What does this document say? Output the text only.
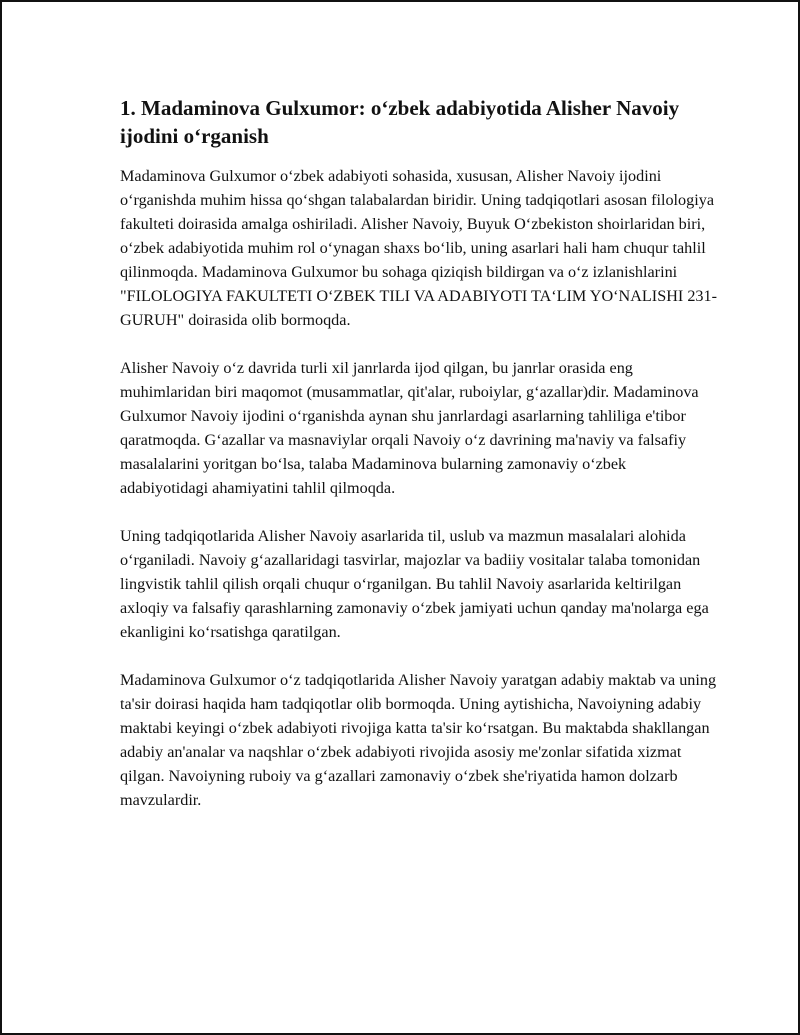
1. Madaminova Gulxumor: o‘zbek adabiyotida Alisher Navoiy ijodini o‘rganish

Madaminova Gulxumor o‘zbek adabiyoti sohasida, xususan, Alisher Navoiy ijodini o‘rganishda muhim hissa qo‘shgan talabalardan biridir. Uning tadqiqotlari asosan filologiya fakulteti doirasida amalga oshiriladi. Alisher Navoiy, Buyuk O‘zbekiston shoirlaridan biri, o‘zbek adabiyotida muhim rol o‘ynagan shaxs bo‘lib, uning asarlari hali ham chuqur tahlil qilinmoqda. Madaminova Gulxumor bu sohaga qiziqish bildirgan va o‘z izlanishlarini "FILOLOGIYA FAKULTETI O‘ZBEK TILI VA ADABIYOTI TA‘LIM YO‘NALISHI 231-GURUH" doirasida olib bormoqda.

Alisher Navoiy o‘z davrida turli xil janrlarda ijod qilgan, bu janrlar orasida eng muhimlaridan biri maqomot (musammatlar, qit'alar, ruboiylar, g‘azallar)dir. Madaminova Gulxumor Navoiy ijodini o‘rganishda aynan shu janrlardagi asarlarning tahliliga e'tibor qaratmoqda. G‘azallar va masnaviylar orqali Navoiy o‘z davrining ma'naviy va falsafiy masalalarini yoritgan bo‘lsa, talaba Madaminova bularning zamonaviy o‘zbek adabiyotidagi ahamiyatini tahlil qilmoqda.

Uning tadqiqotlarida Alisher Navoiy asarlarida til, uslub va mazmun masalalari alohida o‘rganiladi. Navoiy g‘azallaridagi tasvirlar, majozlar va badiiy vositalar talaba tomonidan lingvistik tahlil qilish orqali chuqur o‘rganilgan. Bu tahlil Navoiy asarlarida keltirilgan axloqiy va falsafiy qarashlarning zamonaviy o‘zbek jamiyati uchun qanday ma'nolarga ega ekanligini ko‘rsatishga qaratilgan.

Madaminova Gulxumor o‘z tadqiqotlarida Alisher Navoiy yaratgan adabiy maktab va uning ta'sir doirasi haqida ham tadqiqotlar olib bormoqda. Uning aytishicha, Navoiyning adabiy maktabi keyingi o‘zbek adabiyoti rivojiga katta ta'sir ko‘rsatgan. Bu maktabda shakllangan adabiy an'analar va naqshlar o‘zbek adabiyoti rivojida asosiy me'zonlar sifatida xizmat qilgan. Navoiyning ruboiy va g‘azallari zamonaviy o‘zbek she'riyatida hamon dolzarb mavzulardir.
